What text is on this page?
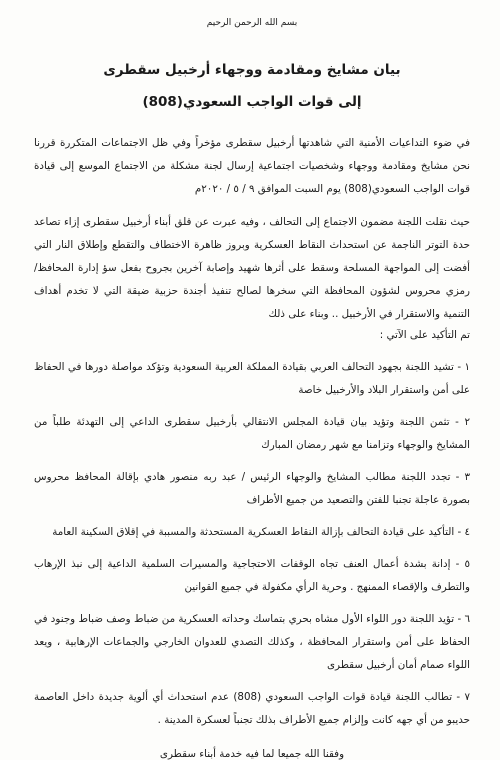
بسم الله الرحمن الرحيم

بيان مشايخ ومقادمة ووجهاء أرخبيل سقطرى

إلى قوات الواجب السعودي(808)

في ضوء التداعيات الأمنية التي شاهدتها أرخبيل سقطرى مؤخراً وفي ظل الاجتماعات المتكررة قررنا نحن مشايخ ومقادمة ووجهاء وشخصيات اجتماعية إرسال لجنة مشكلة من الاجتماع الموسع إلى قيادة قوات الواجب السعودي(808) يوم السبت الموافق ٩ / ٥ / ٢٠٢٠م

حيث نقلت اللجنة مضمون الاجتماع إلى التحالف ، وفيه عبرت عن قلق أبناء أرخبيل سقطرى إزاء تصاعد حدة التوتر الناجمة عن استحداث النقاط العسكرية وبروز ظاهرة الاختطاف والتقطع وإطلاق النار التي أفضت إلى المواجهة المسلحة وسقط على أثرها شهيد وإصابة آخرين بجروح بفعل سؤ إدارة المحافظ/ رمزي محروس لشؤون المحافظة التي سخرها لصالح تنفيذ أجندة حزبية ضيقة التي لا تخدم أهداف التنمية والاستقرار في الأرخبيل .. وبناء على ذلك

تم التأكيد على الآتي :

١ - تشيد اللجنة بجهود التحالف العربي بقيادة المملكة العربية السعودية وتؤكد مواصلة دورها في الحفاظ على أمن واستقرار البلاد والأرخبيل خاصة

٢ - تثمن اللجنة وتؤيد بيان قيادة المجلس الانتقالي بأرخبيل سقطرى الداعي إلى التهدئة طلباً من المشايخ والوجهاء وتزامنا مع شهر رمضان المبارك

٣ - تجدد اللجنة مطالب المشايخ والوجهاء الرئيس / عبد ربه منصور هادي بإقالة المحافظ محروس بصورة عاجلة تجنبا للفتن والتصعيد من جميع الأطراف

٤ - التأكيد على قيادة التحالف بإزالة النقاط العسكرية المستحدثة والمسببة في إقلاق السكينة العامة

٥ - إدانة بشدة أعمال العنف تجاه الوقفات الاحتجاجية والمسيرات السلمية الداعية إلى نبذ الإرهاب والتطرف والإقصاء الممنهج . وحرية الرأي مكفولة في جميع القوانين

٦ - تؤيد اللجنة دور اللواء الأول مشاه بحري بتماسك وحداته العسكرية من ضباط وصف ضباط وجنود في الحفاظ على أمن واستقرار المحافظة ، وكذلك التصدي للعدوان الخارجي والجماعات الإرهابية ، ويعد اللواء صمام أمان أرخبيل سقطرى

٧ - تطالب اللجنة قيادة قوات الواجب السعودي (808) عدم استحداث أي ألوية جديدة داخل العاصمة حديبو من أي جهه كانت وإلزام جميع الأطراف بذلك تجنباً لعسكرة المدينة .

وفقنا الله جميعا لما فيه خدمة أبناء سقطرى
